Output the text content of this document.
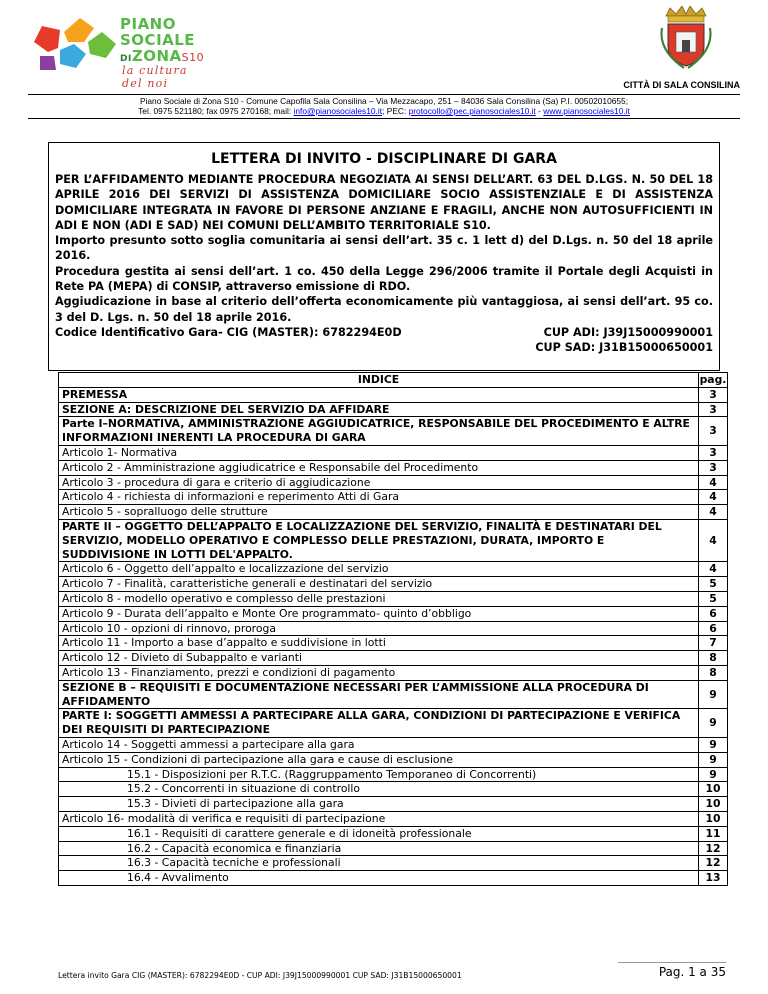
PIANO
SOCIALE
DIZONAS10
la cultura del noi	CITTÀ DI SALA CONSILINA
Piano Sociale di Zona S10 - Comune Capofila Sala Consilina – Via Mezzacapo, 251 – 84036 Sala Consilina (Sa) P.I. 00502010655;
Tel. 0975 521180; fax 0975 270168; mail: info@pianosociales10.it; PEC: protocollo@pec.pianosociales10.it - www.pianosociales10.it
LETTERA DI INVITO - DISCIPLINARE DI GARA

PER L’AFFIDAMENTO MEDIANTE PROCEDURA NEGOZIATA AI SENSI DELL’ART. 63 DEL D.LGS. N. 50 DEL 18 APRILE 2016 DEI SERVIZI DI ASSISTENZA DOMICILIARE SOCIO ASSISTENZIALE E DI ASSISTENZA DOMICILIARE INTEGRATA IN FAVORE DI PERSONE ANZIANE E FRAGILI, ANCHE NON AUTOSUFFICIENTI IN ADI E NON (ADI E SAD) NEI COMUNI DELL’AMBITO TERRITORIALE S10.

Importo presunto sotto soglia comunitaria ai sensi dell’art. 35 c. 1 lett d) del D.Lgs. n. 50 del 18 aprile 2016.

Procedura gestita ai sensi dell’art. 1 co. 450 della Legge 296/2006 tramite il Portale degli Acquisti in Rete PA (MEPA) di CONSIP, attraverso emissione di RDO.

Aggiudicazione in base al criterio dell’offerta economicamente più vantaggiosa, ai sensi dell’art. 95 co. 3 del D. Lgs. n. 50 del 18 aprile 2016.

Codice Identificativo Gara- CIG (MASTER): 6782294E0D	CUP ADI: J39J15000990001
CUP SAD: J31B15000650001
INDICE	pag.
PREMESSA	3
SEZIONE A: DESCRIZIONE DEL SERVIZIO DA AFFIDARE	3
Parte I–NORMATIVA, AMMINISTRAZIONE AGGIUDICATRICE, RESPONSABILE DEL PROCEDIMENTO E ALTRE INFORMAZIONI INERENTI LA PROCEDURA DI GARA	3
Articolo 1- Normativa	3
Articolo 2 - Amministrazione aggiudicatrice e Responsabile del Procedimento	3
Articolo 3 - procedura di gara e criterio di aggiudicazione	4
Articolo 4 - richiesta di informazioni e reperimento Atti di Gara	4
Articolo 5 - sopralluogo delle strutture	4
PARTE II – OGGETTO DELL’APPALTO E LOCALIZZAZIONE DEL SERVIZIO, FINALITÀ E DESTINATARI DEL SERVIZIO, MODELLO OPERATIVO E COMPLESSO DELLE PRESTAZIONI, DURATA, IMPORTO E SUDDIVISIONE IN LOTTI DEL'APPALTO.	4
Articolo 6 - Oggetto dell’appalto e localizzazione del servizio	4
Articolo 7 - Finalità, caratteristiche generali e destinatari del servizio	5
Articolo 8 - modello operativo e complesso delle prestazioni	5
Articolo 9 - Durata dell’appalto e Monte Ore programmato- quinto d’obbligo	6
Articolo 10 - opzioni di rinnovo, proroga	6
Articolo 11 - Importo a base d’appalto e suddivisione in lotti	7
Articolo 12 - Divieto di Subappalto e varianti	8
Articolo 13 - Finanziamento, prezzi e condizioni di pagamento	8
SEZIONE B – REQUISITI E DOCUMENTAZIONE NECESSARI PER L’AMMISSIONE ALLA PROCEDURA DI AFFIDAMENTO	9
PARTE I: SOGGETTI AMMESSI A PARTECIPARE ALLA GARA, CONDIZIONI DI PARTECIPAZIONE E VERIFICA DEI REQUISITI DI PARTECIPAZIONE	9
Articolo 14 - Soggetti ammessi a partecipare alla gara	9
Articolo 15 - Condizioni di partecipazione alla gara e cause di esclusione	9
15.1 - Disposizioni per R.T.C. (Raggruppamento Temporaneo di Concorrenti)	9
15.2 - Concorrenti in situazione di controllo	10
15.3 - Divieti di partecipazione alla gara	10
Articolo 16- modalità di verifica e requisiti di partecipazione	10
16.1 - Requisiti di carattere generale e di idoneità professionale	11
16.2 - Capacità economica e finanziaria	12
16.3 - Capacità tecniche e professionali	12
16.4 - Avvalimento	13
Lettera invito Gara CIG (MASTER): 6782294E0D - CUP ADI: J39J15000990001 CUP SAD: J31B15000650001	Pag. 1 a 35
